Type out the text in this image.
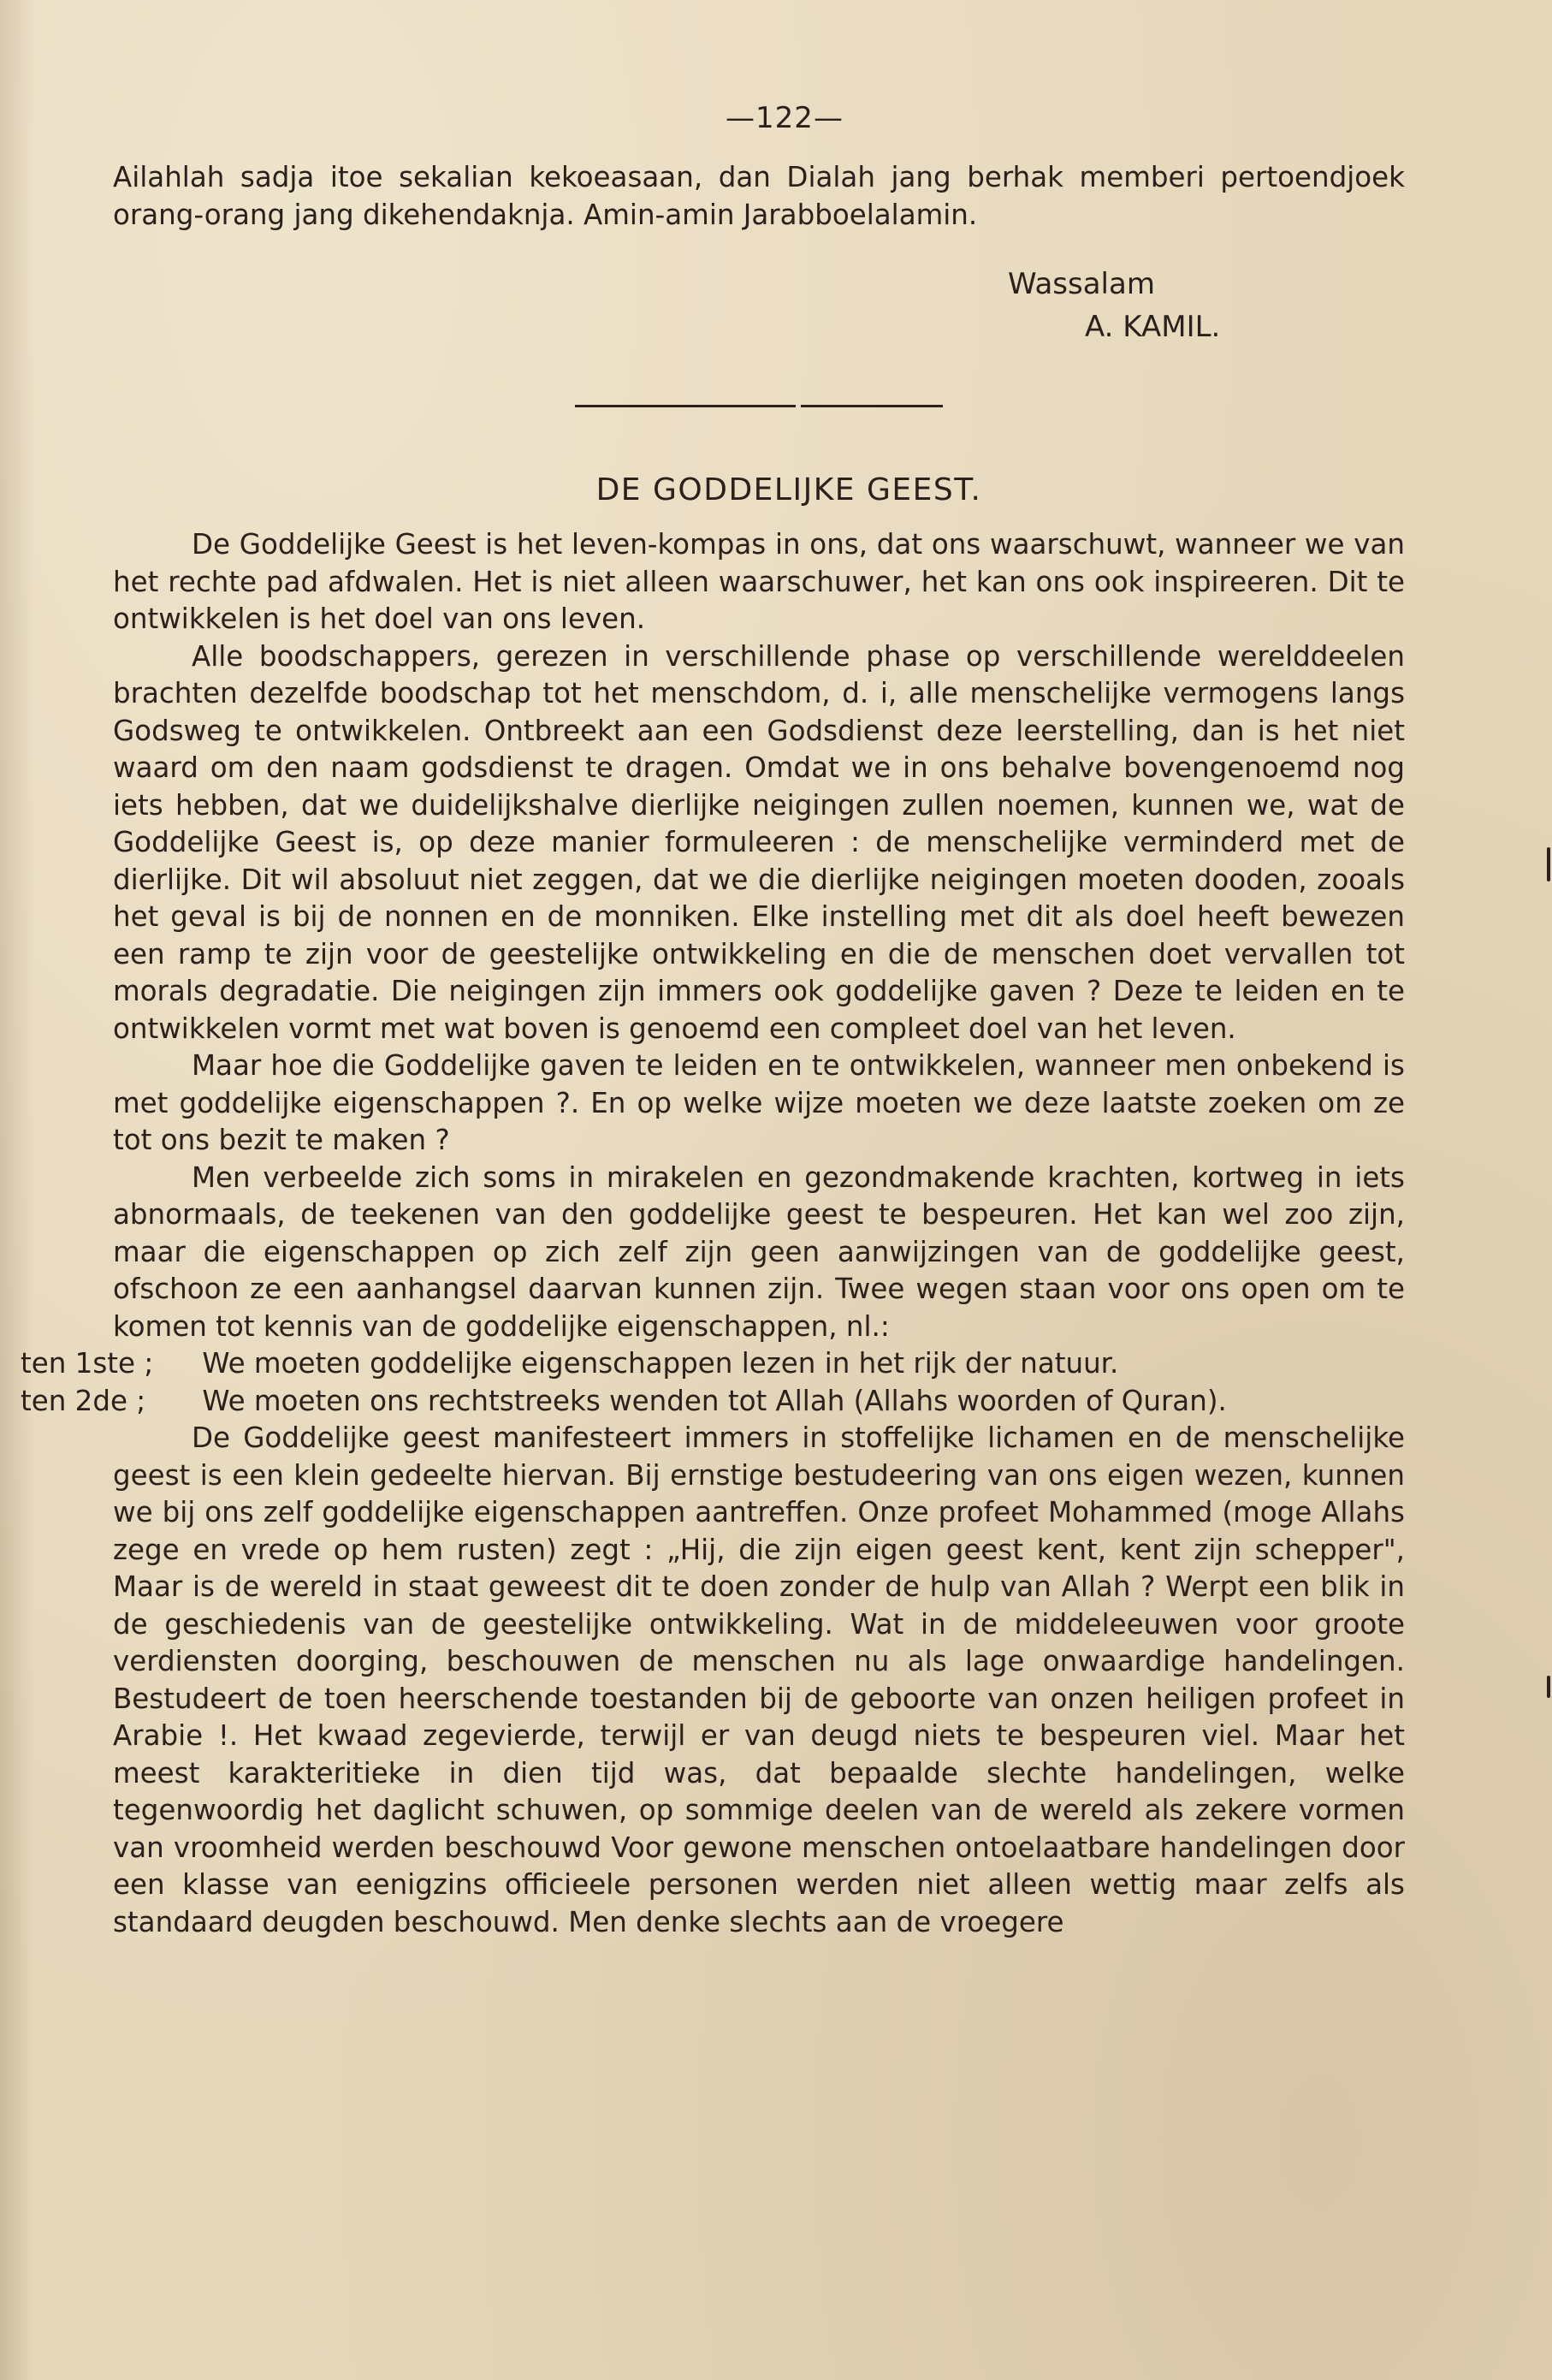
—122—

Ailahlah sadja itoe sekalian kekoeasaan, dan Dialah jang berhak memberi pertoendjoek orang-orang jang dikehendaknja. Amin-amin Jarabboelalamin.

Wassalam
A. KAMIL.
DE GODDELIJKE GEEST.

De Goddelijke Geest is het leven-kompas in ons, dat ons waarschuwt, wanneer we van het rechte pad afdwalen. Het is niet alleen waarschuwer, het kan ons ook inspireeren. Dit te ontwikkelen is het doel van ons leven.

Alle boodschappers, gerezen in verschillende phase op verschillende werelddeelen brachten dezelfde boodschap tot het menschdom, d. i, alle menschelijke vermogens langs Godsweg te ontwikkelen. Ontbreekt aan een Godsdienst deze leerstelling, dan is het niet waard om den naam godsdienst te dragen. Omdat we in ons behalve bovengenoemd nog iets hebben, dat we duidelijkshalve dierlijke neigingen zullen noemen, kunnen we, wat de Goddelijke Geest is, op deze manier formuleeren : de menschelijke verminderd met de dierlijke. Dit wil absoluut niet zeggen, dat we die dierlijke neigingen moeten dooden, zooals het geval is bij de nonnen en de monniken. Elke instelling met dit als doel heeft bewezen een ramp te zijn voor de geestelijke ontwikkeling en die de menschen doet vervallen tot morals degradatie. Die neigingen zijn immers ook goddelijke gaven ? Deze te leiden en te ontwikkelen vormt met wat boven is genoemd een compleet doel van het leven.

Maar hoe die Goddelijke gaven te leiden en te ontwikkelen, wanneer men onbekend is met goddelijke eigenschappen ?. En op welke wijze moeten we deze laatste zoeken om ze tot ons bezit te maken ?

Men verbeelde zich soms in mirakelen en gezondmakende krachten, kortweg in iets abnormaals, de teekenen van den goddelijke geest te bespeuren. Het kan wel zoo zijn, maar die eigenschappen op zich zelf zijn geen aanwijzingen van de goddelijke geest, ofschoon ze een aanhangsel daarvan kunnen zijn. Twee wegen staan voor ons open om te komen tot kennis van de goddelijke eigenschappen, nl.:

ten 1ste ; We moeten goddelijke eigenschappen lezen in het rijk der natuur.
ten 2de ; We moeten ons rechtstreeks wenden tot Allah (Allahs woorden of Quran).

De Goddelijke geest manifesteert immers in stoffelijke lichamen en de menschelijke geest is een klein gedeelte hiervan. Bij ernstige bestudeering van ons eigen wezen, kunnen we bij ons zelf goddelijke eigenschappen aantreffen. Onze profeet Mohammed (moge Allahs zege en vrede op hem rusten) zegt : „Hij, die zijn eigen geest kent, kent zijn schepper", Maar is de wereld in staat geweest dit te doen zonder de hulp van Allah ? Werpt een blik in de geschiedenis van de geestelijke ontwikkeling. Wat in de middeleeuwen voor groote verdiensten doorging, beschouwen de menschen nu als lage onwaardige handelingen. Bestudeert de toen heerschende toestanden bij de geboorte van onzen heiligen profeet in Arabie !. Het kwaad zegevierde, terwijl er van deugd niets te bespeuren viel. Maar het meest karakteritieke in dien tijd was, dat bepaalde slechte handelingen, welke tegenwoordig het daglicht schuwen, op sommige deelen van de wereld als zekere vormen van vroomheid werden beschouwd Voor gewone menschen ontoelaatbare handelingen door een klasse van eenigzins officieele personen werden niet alleen wettig maar zelfs als standaard deugden beschouwd. Men denke slechts aan de vroegere
